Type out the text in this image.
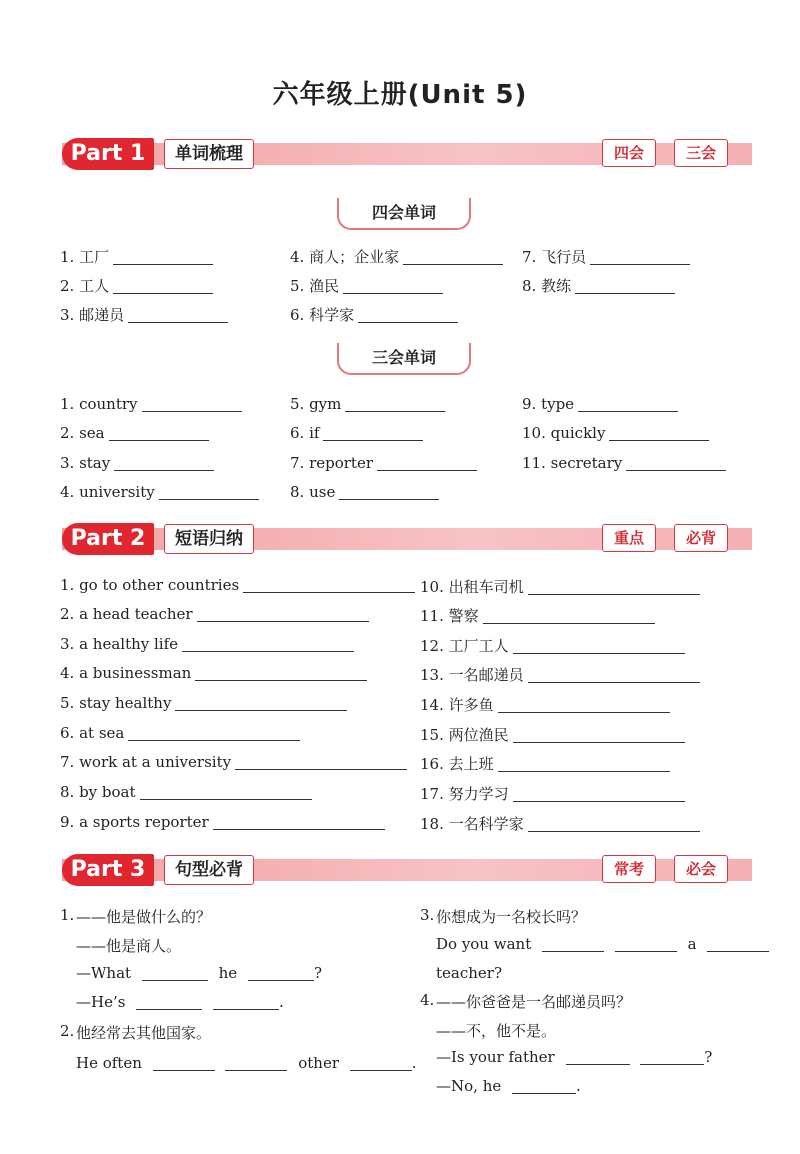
六年级上册(Unit 5)
Part 1	单词梳理	四会	三会
四会单词
1. 工厂
2. 工人
3. 邮递员
4. 商人；企业家
5. 渔民
6. 科学家
7. 飞行员
8. 教练
三会单词
1. country
2. sea
3. stay
4. university
5. gym
6. if
7. reporter
8. use
9. type
10. quickly
11. secretary
Part 2	短语归纳	重点	必背
1. go to other countries
2. a head teacher
3. a healthy life
4. a businessman
5. stay healthy
6. at sea
7. work at a university
8. by boat
9. a sports reporter
10. 出租车司机
11. 警察
12. 工厂工人
13. 一名邮递员
14. 许多鱼
15. 两位渔民
16. 去上班
17. 努力学习
18. 一名科学家
Part 3	句型必背	常考	必会
1. ——他是做什么的？
——他是商人。
—What	he	?
—He’s	.
2. 他经常去其他国家。
He often	other	.
3. 你想成为一名校长吗？
Do you want	a
teacher?
4. ——你爸爸是一名邮递员吗？
——不，他不是。
—Is your father	?
—No, he	.
